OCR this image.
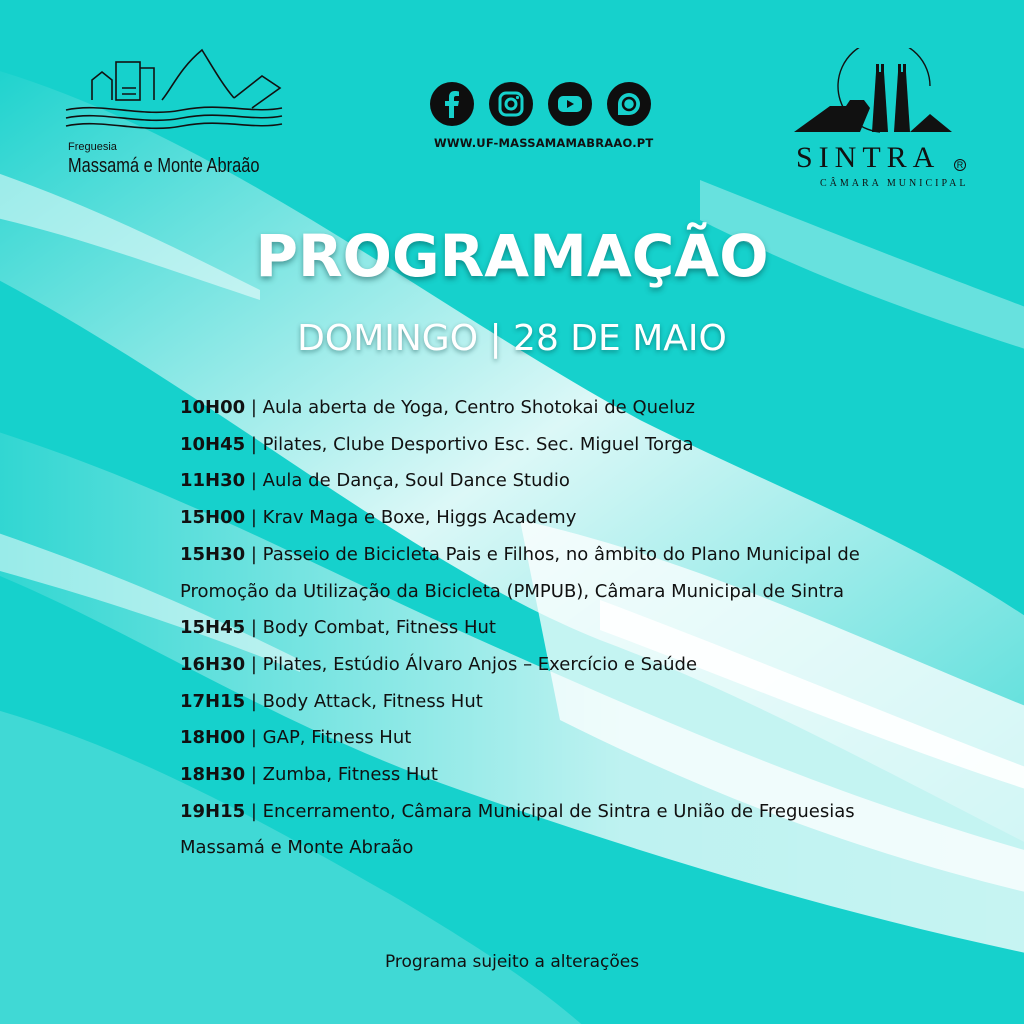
Freguesia
Massamá e Monte Abraão
WWW.UF-MASSAMAMABRAAO.PT	SINTRA	R
CÂMARA MUNICIPAL
PROGRAMAÇÃO
DOMINGO | 28 DE MAIO
10H00 | Aula aberta de Yoga, Centro Shotokai de Queluz
10H45 | Pilates, Clube Desportivo Esc. Sec. Miguel Torga
11H30 | Aula de Dança, Soul Dance Studio
15H00 | Krav Maga e Boxe, Higgs Academy
15H30 | Passeio de Bicicleta Pais e Filhos, no âmbito do Plano Municipal de Promoção da Utilização da Bicicleta (PMPUB), Câmara Municipal de Sintra
15H45 | Body Combat, Fitness Hut
16H30 | Pilates, Estúdio Álvaro Anjos – Exercício e Saúde
17H15 | Body Attack, Fitness Hut
18H00 | GAP, Fitness Hut
18H30 | Zumba, Fitness Hut
19H15 | Encerramento, Câmara Municipal de Sintra e União de Freguesias Massamá e Monte Abraão
Programa sujeito a alterações
